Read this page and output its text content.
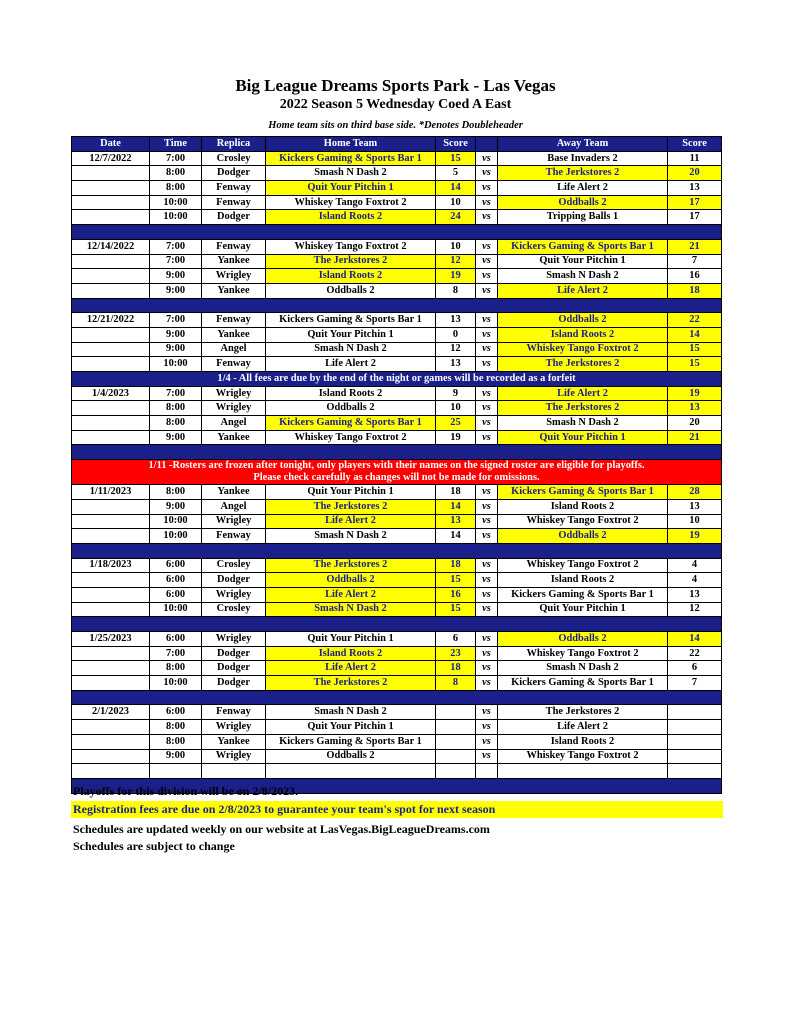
Big League Dreams Sports Park - Las Vegas
2022 Season 5 Wednesday Coed A East
Home team sits on third base side. *Denotes Doubleheader
Date	Time	Replica	Home Team	Score		Away Team	Score
12/7/2022	7:00	Crosley	Kickers Gaming & Sports Bar 1	15	vs	Base Invaders 2	11
	8:00	Dodger	Smash N Dash 2	5	vs	The Jerkstores 2	20
	8:00	Fenway	Quit Your Pitchin 1	14	vs	Life Alert 2	13
	10:00	Fenway	Whiskey Tango Foxtrot 2	10	vs	Oddballs 2	17
	10:00	Dodger	Island Roots 2	24	vs	Tripping Balls 1	17

12/14/2022	7:00	Fenway	Whiskey Tango Foxtrot 2	10	vs	Kickers Gaming & Sports Bar 1	21
	7:00	Yankee	The Jerkstores 2	12	vs	Quit Your Pitchin 1	7
	9:00	Wrigley	Island Roots 2	19	vs	Smash N Dash 2	16
	9:00	Yankee	Oddballs 2	8	vs	Life Alert 2	18

12/21/2022	7:00	Fenway	Kickers Gaming & Sports Bar 1	13	vs	Oddballs 2	22
	9:00	Yankee	Quit Your Pitchin 1	0	vs	Island Roots 2	14
	9:00	Angel	Smash N Dash 2	12	vs	Whiskey Tango Foxtrot 2	15
	10:00	Fenway	Life Alert 2	13	vs	The Jerkstores 2	15
1/4 - All fees are due by the end of the night or games will be recorded as a forfeit							
1/4/2023	7:00	Wrigley	Island Roots 2	9	vs	Life Alert 2	19
	8:00	Wrigley	Oddballs 2	10	vs	The Jerkstores 2	13
	8:00	Angel	Kickers Gaming & Sports Bar 1	25	vs	Smash N Dash 2	20
	9:00	Yankee	Whiskey Tango Foxtrot 2	19	vs	Quit Your Pitchin 1	21

1/11 -Rosters are frozen after tonight, only players with their names on the signed roster are eligible for playoffs.
Please check carefully as changes will not be made for omissions.							

1/11/2023	8:00	Yankee	Quit Your Pitchin 1	18	vs	Kickers Gaming & Sports Bar 1	28
	9:00	Angel	The Jerkstores 2	14	vs	Island Roots 2	13
	10:00	Wrigley	Life Alert 2	13	vs	Whiskey Tango Foxtrot 2	10
	10:00	Fenway	Smash N Dash 2	14	vs	Oddballs 2	19

1/18/2023	6:00	Crosley	The Jerkstores 2	18	vs	Whiskey Tango Foxtrot 2	4
	6:00	Dodger	Oddballs 2	15	vs	Island Roots 2	4
	6:00	Wrigley	Life Alert 2	16	vs	Kickers Gaming & Sports Bar 1	13
	10:00	Crosley	Smash N Dash 2	15	vs	Quit Your Pitchin 1	12

1/25/2023	6:00	Wrigley	Quit Your Pitchin 1	6	vs	Oddballs 2	14
	7:00	Dodger	Island Roots 2	23	vs	Whiskey Tango Foxtrot 2	22
	8:00	Dodger	Life Alert 2	18	vs	Smash N Dash 2	6
	10:00	Dodger	The Jerkstores 2	8	vs	Kickers Gaming & Sports Bar 1	7

2/1/2023	6:00	Fenway	Smash N Dash 2		vs	The Jerkstores 2	
	8:00	Wrigley	Quit Your Pitchin 1		vs	Life Alert 2	
	8:00	Yankee	Kickers Gaming & Sports Bar 1		vs	Island Roots 2	
	9:00	Wrigley	Oddballs 2		vs	Whiskey Tango Foxtrot 2	

Playoffs for this division will be on 2/8/2023.
Registration fees are due on 2/8/2023 to guarantee your team's spot for next season
Schedules are updated weekly on our website at LasVegas.BigLeagueDreams.com
Schedules are subject to change
